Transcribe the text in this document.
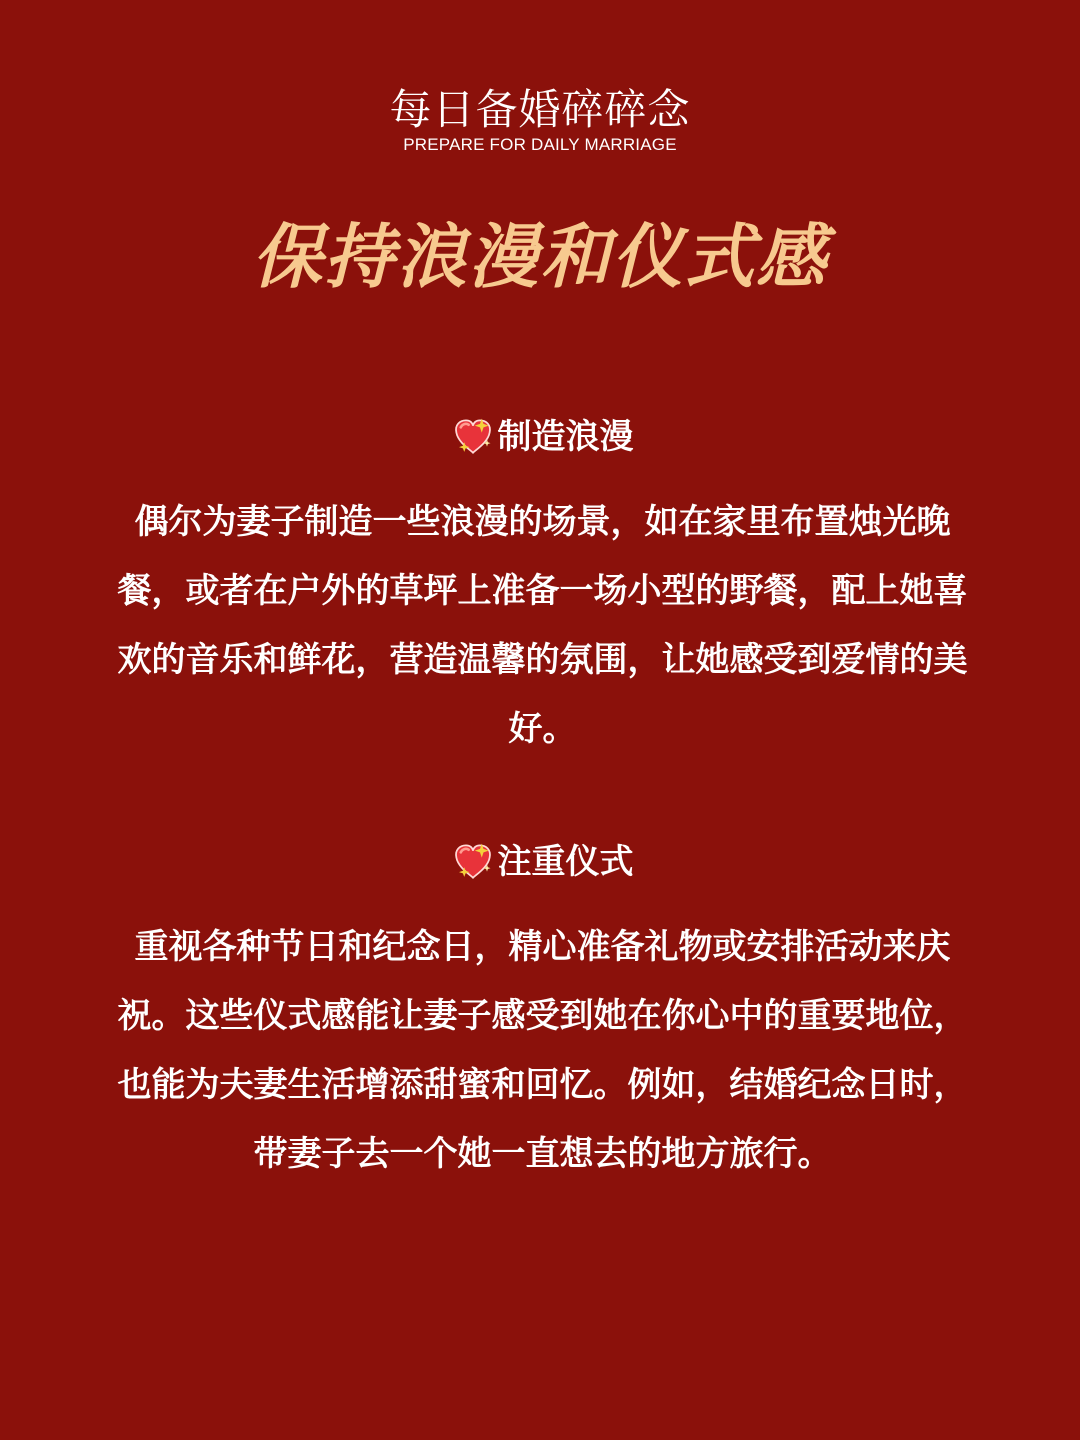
每日备婚碎碎念
PREPARE FOR DAILY MARRIAGE
保持浪漫和仪式感
制造浪漫

偶尔为妻子制造一些浪漫的场景，如在家里布置烛光晚餐，或者在户外的草坪上准备一场小型的野餐，配上她喜欢的音乐和鲜花，营造温馨的氛围，让她感受到爱情的美好。

注重仪式

重视各种节日和纪念日，精心准备礼物或安排活动来庆祝。这些仪式感能让妻子感受到她在你心中的重要地位，也能为夫妻生活增添甜蜜和回忆。例如，结婚纪念日时，带妻子去一个她一直想去的地方旅行。
